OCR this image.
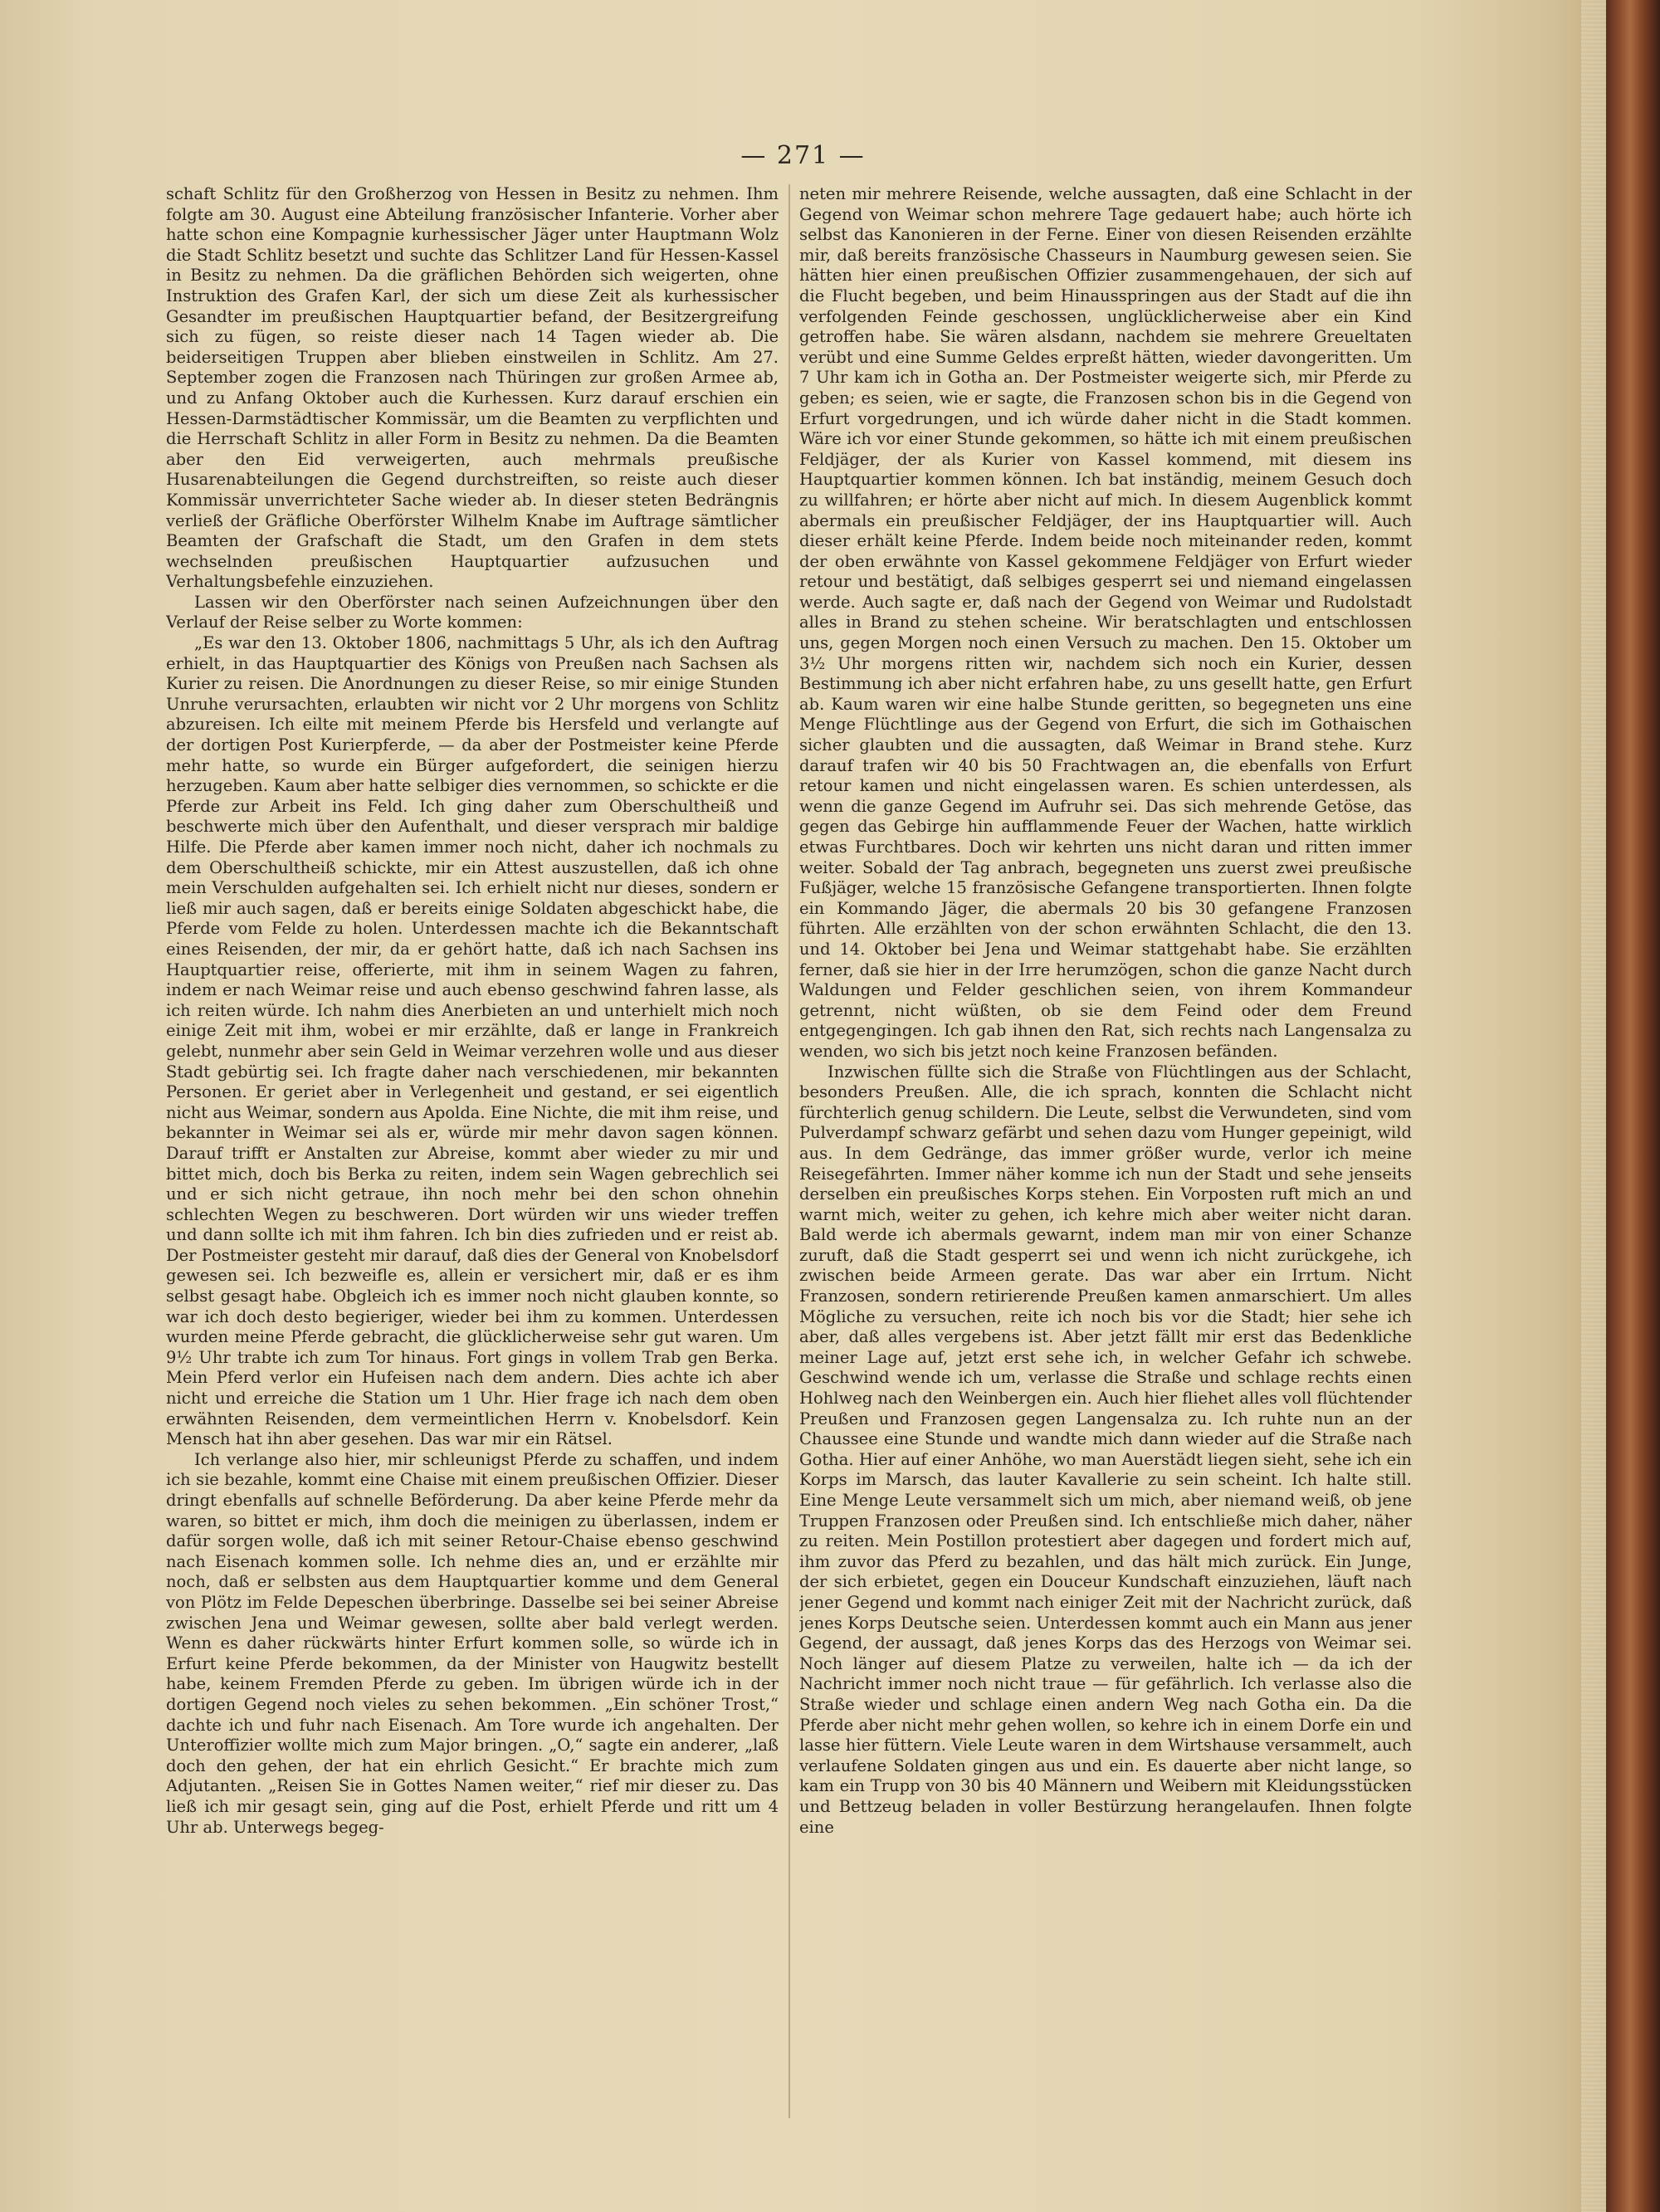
— 271 —

schaft Schlitz für den Großherzog von Hessen in Besitz zu nehmen. Ihm folgte am 30. August eine Abteilung französischer Infanterie. Vorher aber hatte schon eine Kompagnie kurhessischer Jäger unter Hauptmann Wolz die Stadt Schlitz besetzt und suchte das Schlitzer Land für Hessen-Kassel in Besitz zu nehmen. Da die gräflichen Behörden sich weigerten, ohne Instruktion des Grafen Karl, der sich um diese Zeit als kurhessischer Gesandter im preußischen Hauptquartier befand, der Besitzergreifung sich zu fügen, so reiste dieser nach 14 Tagen wieder ab. Die beiderseitigen Truppen aber blieben einstweilen in Schlitz. Am 27. September zogen die Franzosen nach Thüringen zur großen Armee ab, und zu Anfang Oktober auch die Kurhessen. Kurz darauf erschien ein Hessen-Darmstädtischer Kommissär, um die Beamten zu verpflichten und die Herrschaft Schlitz in aller Form in Besitz zu nehmen. Da die Beamten aber den Eid verweigerten, auch mehrmals preußische Husarenabteilungen die Gegend durchstreiften, so reiste auch dieser Kommissär unverrichteter Sache wieder ab. In dieser steten Bedrängnis verließ der Gräfliche Oberförster Wilhelm Knabe im Auftrage sämtlicher Beamten der Grafschaft die Stadt, um den Grafen in dem stets wechselnden preußischen Hauptquartier aufzusuchen und Verhaltungsbefehle einzuziehen.

Lassen wir den Oberförster nach seinen Aufzeichnungen über den Verlauf der Reise selber zu Worte kommen:

„Es war den 13. Oktober 1806, nachmittags 5 Uhr, als ich den Auftrag erhielt, in das Hauptquartier des Königs von Preußen nach Sachsen als Kurier zu reisen. Die Anordnungen zu dieser Reise, so mir einige Stunden Unruhe verursachten, erlaubten wir nicht vor 2 Uhr morgens von Schlitz abzureisen. Ich eilte mit meinem Pferde bis Hersfeld und verlangte auf der dortigen Post Kurierpferde, — da aber der Postmeister keine Pferde mehr hatte, so wurde ein Bürger aufgefordert, die seinigen hierzu herzugeben. Kaum aber hatte selbiger dies vernommen, so schickte er die Pferde zur Arbeit ins Feld. Ich ging daher zum Oberschultheiß und beschwerte mich über den Aufenthalt, und dieser versprach mir baldige Hilfe. Die Pferde aber kamen immer noch nicht, daher ich nochmals zu dem Oberschultheiß schickte, mir ein Attest auszustellen, daß ich ohne mein Verschulden aufgehalten sei. Ich erhielt nicht nur dieses, sondern er ließ mir auch sagen, daß er bereits einige Soldaten abgeschickt habe, die Pferde vom Felde zu holen. Unterdessen machte ich die Bekanntschaft eines Reisenden, der mir, da er gehört hatte, daß ich nach Sachsen ins Hauptquartier reise, offerierte, mit ihm in seinem Wagen zu fahren, indem er nach Weimar reise und auch ebenso geschwind fahren lasse, als ich reiten würde. Ich nahm dies Anerbieten an und unterhielt mich noch einige Zeit mit ihm, wobei er mir erzählte, daß er lange in Frankreich gelebt, nunmehr aber sein Geld in Weimar verzehren wolle und aus dieser Stadt gebürtig sei. Ich fragte daher nach verschiedenen, mir bekannten Personen. Er geriet aber in Verlegenheit und gestand, er sei eigentlich nicht aus Weimar, sondern aus Apolda. Eine Nichte, die mit ihm reise, und bekannter in Weimar sei als er, würde mir mehr davon sagen können. Darauf trifft er Anstalten zur Abreise, kommt aber wieder zu mir und bittet mich, doch bis Berka zu reiten, indem sein Wagen gebrechlich sei und er sich nicht getraue, ihn noch mehr bei den schon ohnehin schlechten Wegen zu beschweren. Dort würden wir uns wieder treffen und dann sollte ich mit ihm fahren. Ich bin dies zufrieden und er reist ab. Der Postmeister gesteht mir darauf, daß dies der General von Knobelsdorf gewesen sei. Ich bezweifle es, allein er versichert mir, daß er es ihm selbst gesagt habe. Obgleich ich es immer noch nicht glauben konnte, so war ich doch desto begieriger, wieder bei ihm zu kommen. Unterdessen wurden meine Pferde gebracht, die glücklicherweise sehr gut waren. Um 9½ Uhr trabte ich zum Tor hinaus. Fort gings in vollem Trab gen Berka. Mein Pferd verlor ein Hufeisen nach dem andern. Dies achte ich aber nicht und erreiche die Station um 1 Uhr. Hier frage ich nach dem oben erwähnten Reisenden, dem vermeintlichen Herrn v. Knobelsdorf. Kein Mensch hat ihn aber gesehen. Das war mir ein Rätsel.

Ich verlange also hier, mir schleunigst Pferde zu schaffen, und indem ich sie bezahle, kommt eine Chaise mit einem preußischen Offizier. Dieser dringt ebenfalls auf schnelle Beförderung. Da aber keine Pferde mehr da waren, so bittet er mich, ihm doch die meinigen zu überlassen, indem er dafür sorgen wolle, daß ich mit seiner Retour-Chaise ebenso geschwind nach Eisenach kommen solle. Ich nehme dies an, und er erzählte mir noch, daß er selbsten aus dem Hauptquartier komme und dem General von Plötz im Felde Depeschen überbringe. Dasselbe sei bei seiner Abreise zwischen Jena und Weimar gewesen, sollte aber bald verlegt werden. Wenn es daher rückwärts hinter Erfurt kommen solle, so würde ich in Erfurt keine Pferde bekommen, da der Minister von Haugwitz bestellt habe, keinem Fremden Pferde zu geben. Im übrigen würde ich in der dortigen Gegend noch vieles zu sehen bekommen. „Ein schöner Trost,“ dachte ich und fuhr nach Eisenach. Am Tore wurde ich angehalten. Der Unteroffizier wollte mich zum Major bringen. „O,“ sagte ein anderer, „laß doch den gehen, der hat ein ehrlich Gesicht.“ Er brachte mich zum Adjutanten. „Reisen Sie in Gottes Namen weiter,“ rief mir dieser zu. Das ließ ich mir gesagt sein, ging auf die Post, erhielt Pferde und ritt um 4 Uhr ab. Unterwegs begeg-

neten mir mehrere Reisende, welche aussagten, daß eine Schlacht in der Gegend von Weimar schon mehrere Tage gedauert habe; auch hörte ich selbst das Kanonieren in der Ferne. Einer von diesen Reisenden erzählte mir, daß bereits französische Chasseurs in Naumburg gewesen seien. Sie hätten hier einen preußischen Offizier zusammengehauen, der sich auf die Flucht begeben, und beim Hinausspringen aus der Stadt auf die ihn verfolgenden Feinde geschossen, unglücklicherweise aber ein Kind getroffen habe. Sie wären alsdann, nachdem sie mehrere Greueltaten verübt und eine Summe Geldes erpreßt hätten, wieder davongeritten. Um 7 Uhr kam ich in Gotha an. Der Postmeister weigerte sich, mir Pferde zu geben; es seien, wie er sagte, die Franzosen schon bis in die Gegend von Erfurt vorgedrungen, und ich würde daher nicht in die Stadt kommen. Wäre ich vor einer Stunde gekommen, so hätte ich mit einem preußischen Feldjäger, der als Kurier von Kassel kommend, mit diesem ins Hauptquartier kommen können. Ich bat inständig, meinem Gesuch doch zu willfahren; er hörte aber nicht auf mich. In diesem Augenblick kommt abermals ein preußischer Feldjäger, der ins Hauptquartier will. Auch dieser erhält keine Pferde. Indem beide noch miteinander reden, kommt der oben erwähnte von Kassel gekommene Feldjäger von Erfurt wieder retour und bestätigt, daß selbiges gesperrt sei und niemand eingelassen werde. Auch sagte er, daß nach der Gegend von Weimar und Rudolstadt alles in Brand zu stehen scheine. Wir beratschlagten und entschlossen uns, gegen Morgen noch einen Versuch zu machen. Den 15. Oktober um 3½ Uhr morgens ritten wir, nachdem sich noch ein Kurier, dessen Bestimmung ich aber nicht erfahren habe, zu uns gesellt hatte, gen Erfurt ab. Kaum waren wir eine halbe Stunde geritten, so begegneten uns eine Menge Flüchtlinge aus der Gegend von Erfurt, die sich im Gothaischen sicher glaubten und die aussagten, daß Weimar in Brand stehe. Kurz darauf trafen wir 40 bis 50 Frachtwagen an, die ebenfalls von Erfurt retour kamen und nicht eingelassen waren. Es schien unterdessen, als wenn die ganze Gegend im Aufruhr sei. Das sich mehrende Getöse, das gegen das Gebirge hin aufflammende Feuer der Wachen, hatte wirklich etwas Furchtbares. Doch wir kehrten uns nicht daran und ritten immer weiter. Sobald der Tag anbrach, begegneten uns zuerst zwei preußische Fußjäger, welche 15 französische Gefangene transportierten. Ihnen folgte ein Kommando Jäger, die abermals 20 bis 30 gefangene Franzosen führten. Alle erzählten von der schon erwähnten Schlacht, die den 13. und 14. Oktober bei Jena und Weimar stattgehabt habe. Sie erzählten ferner, daß sie hier in der Irre herumzögen, schon die ganze Nacht durch Waldungen und Felder geschlichen seien, von ihrem Kommandeur getrennt, nicht wüßten, ob sie dem Feind oder dem Freund entgegengingen. Ich gab ihnen den Rat, sich rechts nach Langensalza zu wenden, wo sich bis jetzt noch keine Franzosen befänden.

Inzwischen füllte sich die Straße von Flüchtlingen aus der Schlacht, besonders Preußen. Alle, die ich sprach, konnten die Schlacht nicht fürchterlich genug schildern. Die Leute, selbst die Verwundeten, sind vom Pulverdampf schwarz gefärbt und sehen dazu vom Hunger gepeinigt, wild aus. In dem Gedränge, das immer größer wurde, verlor ich meine Reisegefährten. Immer näher komme ich nun der Stadt und sehe jenseits derselben ein preußisches Korps stehen. Ein Vorposten ruft mich an und warnt mich, weiter zu gehen, ich kehre mich aber weiter nicht daran. Bald werde ich abermals gewarnt, indem man mir von einer Schanze zuruft, daß die Stadt gesperrt sei und wenn ich nicht zurückgehe, ich zwischen beide Armeen gerate. Das war aber ein Irrtum. Nicht Franzosen, sondern retirierende Preußen kamen anmarschiert. Um alles Mögliche zu versuchen, reite ich noch bis vor die Stadt; hier sehe ich aber, daß alles vergebens ist. Aber jetzt fällt mir erst das Bedenkliche meiner Lage auf, jetzt erst sehe ich, in welcher Gefahr ich schwebe. Geschwind wende ich um, verlasse die Straße und schlage rechts einen Hohlweg nach den Weinbergen ein. Auch hier fliehet alles voll flüchtender Preußen und Franzosen gegen Langensalza zu. Ich ruhte nun an der Chaussee eine Stunde und wandte mich dann wieder auf die Straße nach Gotha. Hier auf einer Anhöhe, wo man Auerstädt liegen sieht, sehe ich ein Korps im Marsch, das lauter Kavallerie zu sein scheint. Ich halte still. Eine Menge Leute versammelt sich um mich, aber niemand weiß, ob jene Truppen Franzosen oder Preußen sind. Ich entschließe mich daher, näher zu reiten. Mein Postillon protestiert aber dagegen und fordert mich auf, ihm zuvor das Pferd zu bezahlen, und das hält mich zurück. Ein Junge, der sich erbietet, gegen ein Douceur Kundschaft einzuziehen, läuft nach jener Gegend und kommt nach einiger Zeit mit der Nachricht zurück, daß jenes Korps Deutsche seien. Unterdessen kommt auch ein Mann aus jener Gegend, der aussagt, daß jenes Korps das des Herzogs von Weimar sei. Noch länger auf diesem Platze zu verweilen, halte ich — da ich der Nachricht immer noch nicht traue — für gefährlich. Ich verlasse also die Straße wieder und schlage einen andern Weg nach Gotha ein. Da die Pferde aber nicht mehr gehen wollen, so kehre ich in einem Dorfe ein und lasse hier füttern. Viele Leute waren in dem Wirtshause versammelt, auch verlaufene Soldaten gingen aus und ein. Es dauerte aber nicht lange, so kam ein Trupp von 30 bis 40 Männern und Weibern mit Kleidungsstücken und Bettzeug beladen in voller Bestürzung herangelaufen. Ihnen folgte eine
